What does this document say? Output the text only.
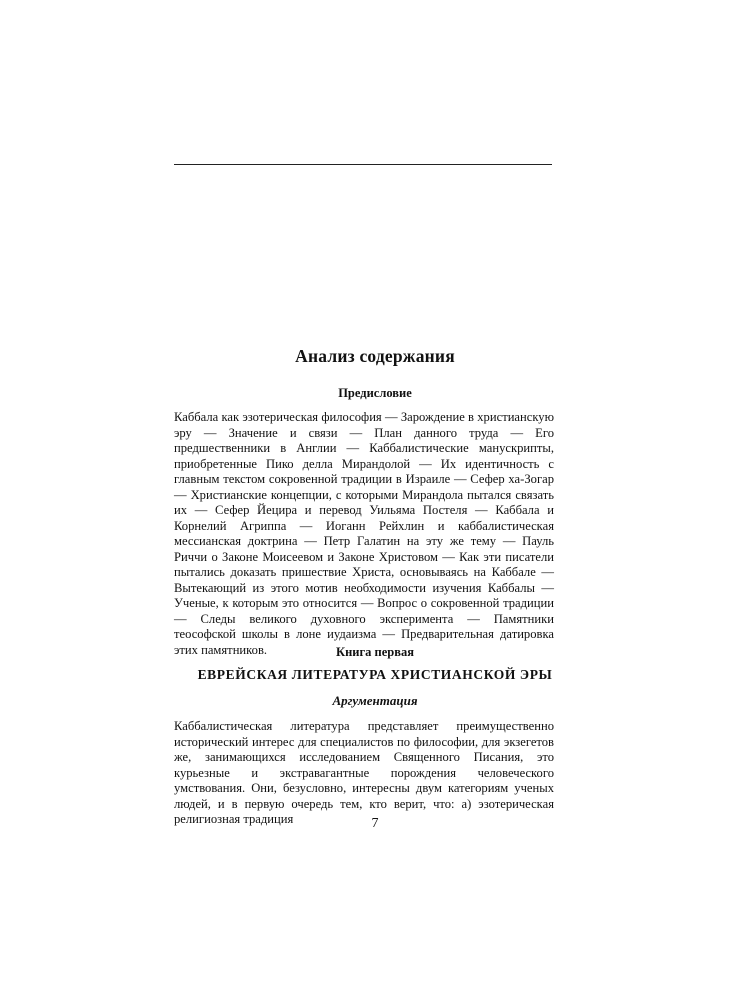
Анализ содержания
Предисловие

Каббала как эзотерическая философия — Зарождение в христианскую эру — Значение и связи — План данного труда — Его предшественники в Англии — Каббалистические манускрипты, приобретенные Пико делла Мирандолой — Их идентичность с главным текстом сокровенной традиции в Израиле — Сефер ха-Зогар — Христианские концепции, с которыми Мирандола пытался связать их — Сефер Йецира и перевод Уильяма Постеля — Каббала и Корнелий Агриппа — Иоганн Рейхлин и каббалистическая мессианская доктрина — Петр Галатин на эту же тему — Пауль Риччи о Законе Моисеевом и Законе Христовом — Как эти писатели пытались доказать пришествие Христа, основываясь на Каббале — Вытекающий из этого мотив необходимости изучения Каббалы — Ученые, к которым это относится — Вопрос о сокровенной традиции — Следы великого духовного эксперимента — Памятники теософской школы в лоне иудаизма — Предварительная датировка этих памятников.	Книга первая
ЕВРЕЙСКАЯ ЛИТЕРАТУРА ХРИСТИАНСКОЙ ЭРЫ
Аргументация

Каббалистическая литература представляет преимущественно исторический интерес для специалистов по философии, для экзегетов же, занимающихся исследованием Священного Писания, это курьезные и экстравагантные порождения человеческого умствования. Они, безусловно, интересны двум категориям ученых людей, и в первую очередь тем, кто верит, что: а) эзотерическая религиозная традиция	7
